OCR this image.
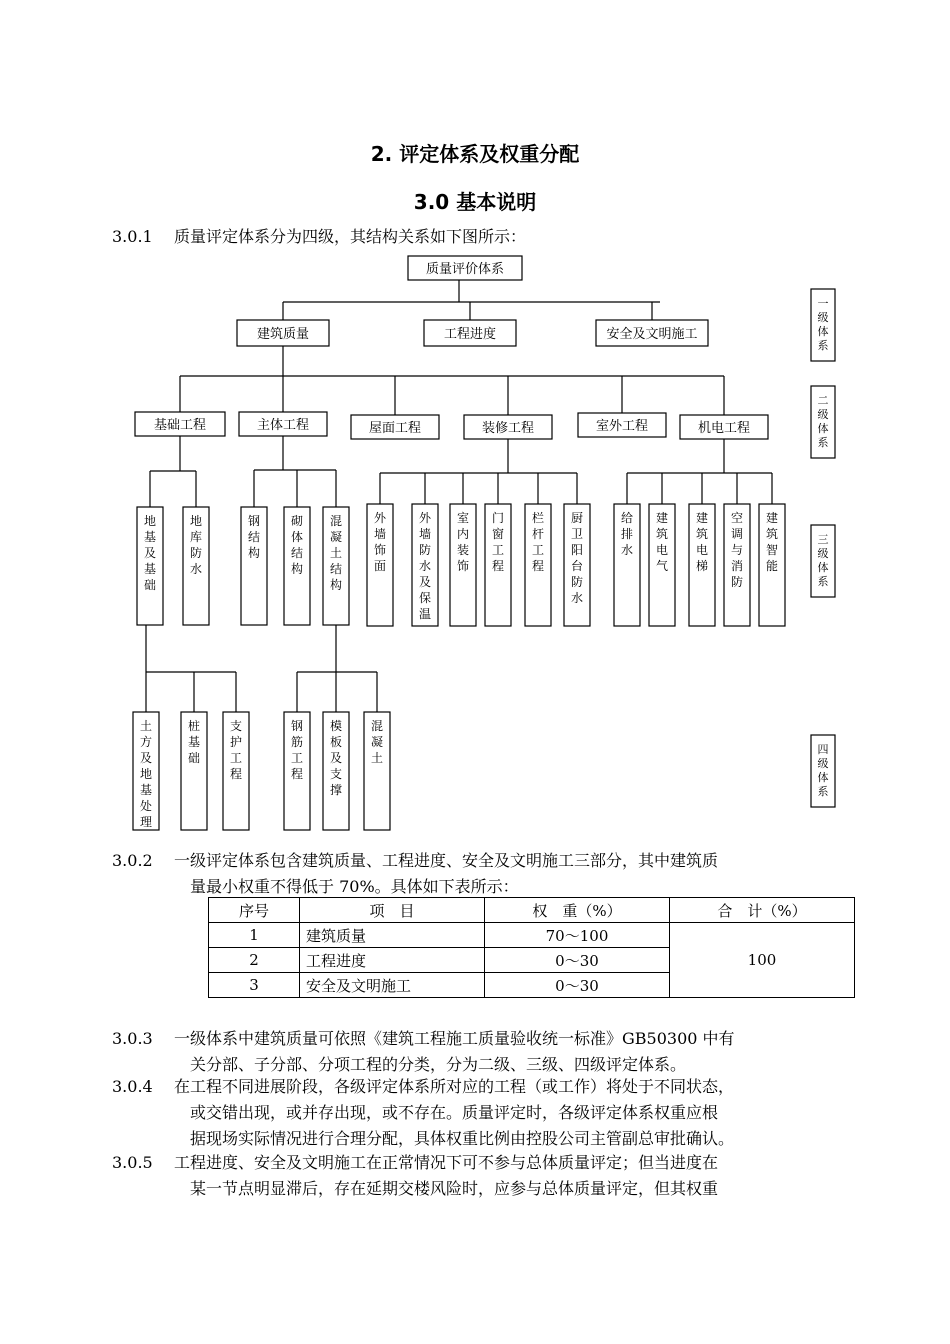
2. 评定体系及权重分配
3.0 基本说明
3.0.1	质量评定体系分为四级，其结构关系如下图所示：
质量评价体系
建筑质量	工程进度	安全及文明施工
基础工程	主体工程	屋面工程	装修工程	室外工程	机电工程
地基及基础
地库防水
钢结构
砌体结构
混凝土结构
外墙饰面
外墙防水及保温
室内装饰
门窗工程
栏杆工程
厨卫阳台防水
给排水
建筑电气
建筑电梯
空调与消防
建筑智能
土方及地基处理
桩基础
支护工程
钢筋工程
模板及支撑
混凝土
一级体系
二级体系
三级体系
四级体系
3.0.2	一级评定体系包含建筑质量、工程进度、安全及文明施工三部分，其中建筑质
量最小权重不得低于 70%。具体如下表所示：
序号	项　目	权　重（%）	合　计（%）
1	建筑质量	70～100	100
2	工程进度	0～30	
3	安全及文明施工	0～30	
3.0.3	一级体系中建筑质量可依照《建筑工程施工质量验收统一标准》GB50300 中有
关分部、子分部、分项工程的分类，分为二级、三级、四级评定体系。
3.0.4	在工程不同进展阶段，各级评定体系所对应的工程（或工作）将处于不同状态，
或交错出现，或并存出现，或不存在。质量评定时，各级评定体系权重应根
据现场实际情况进行合理分配，具体权重比例由控股公司主管副总审批确认。
3.0.5	工程进度、安全及文明施工在正常情况下可不参与总体质量评定；但当进度在
某一节点明显滞后，存在延期交楼风险时，应参与总体质量评定，但其权重
